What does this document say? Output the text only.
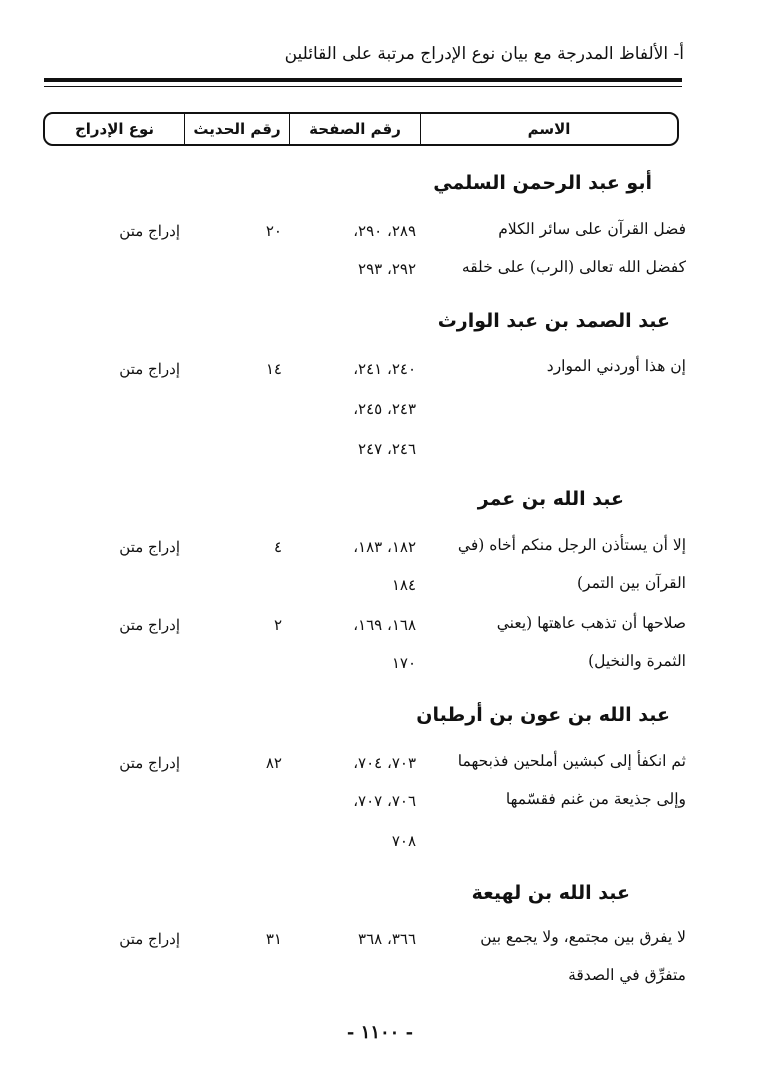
أ- الألفاظ المدرجة مع بيان نوع الإدراج مرتبة على القائلين
الاسم
رقم الصفحة
رقم الحديث
نوع الإدراج
أبو عبد الرحمن السلمي
فضل القرآن على سائر الكلام
كفضل الله تعالى (الرب) على خلقه
٢٨٩، ٢٩٠،
٢٩٢، ٢٩٣
٢٠
إدراج متن
عبد الصمد بن عبد الوارث
إن هذا أوردني الموارد
٢٤٠، ٢٤١،
٢٤٣، ٢٤٥،
٢٤٦، ٢٤٧
١٤
إدراج متن
عبد الله بن عمر
إلا أن يستأذن الرجل منكم أخاه (في
القرآن بين التمر)
١٨٢، ١٨٣،
١٨٤
٤
إدراج متن
صلاحها أن تذهب عاهتها (يعني
الثمرة والنخيل)
١٦٨، ١٦٩،
١٧٠
٢
إدراج متن
عبد الله بن عون بن أرطبان
ثم انكفأ إلى كبشين أملحين فذبحهما
وإلى جذيعة من غنم فقسّمها
٧٠٣، ٧٠٤،
٧٠٦، ٧٠٧،
٧٠٨
٨٢
إدراج متن
عبد الله بن لهيعة
لا يفرق بين مجتمع، ولا يجمع بين
متفرِّق في الصدقة
٣٦٦، ٣٦٨
٣١
إدراج متن
- ١١٠٠ -
